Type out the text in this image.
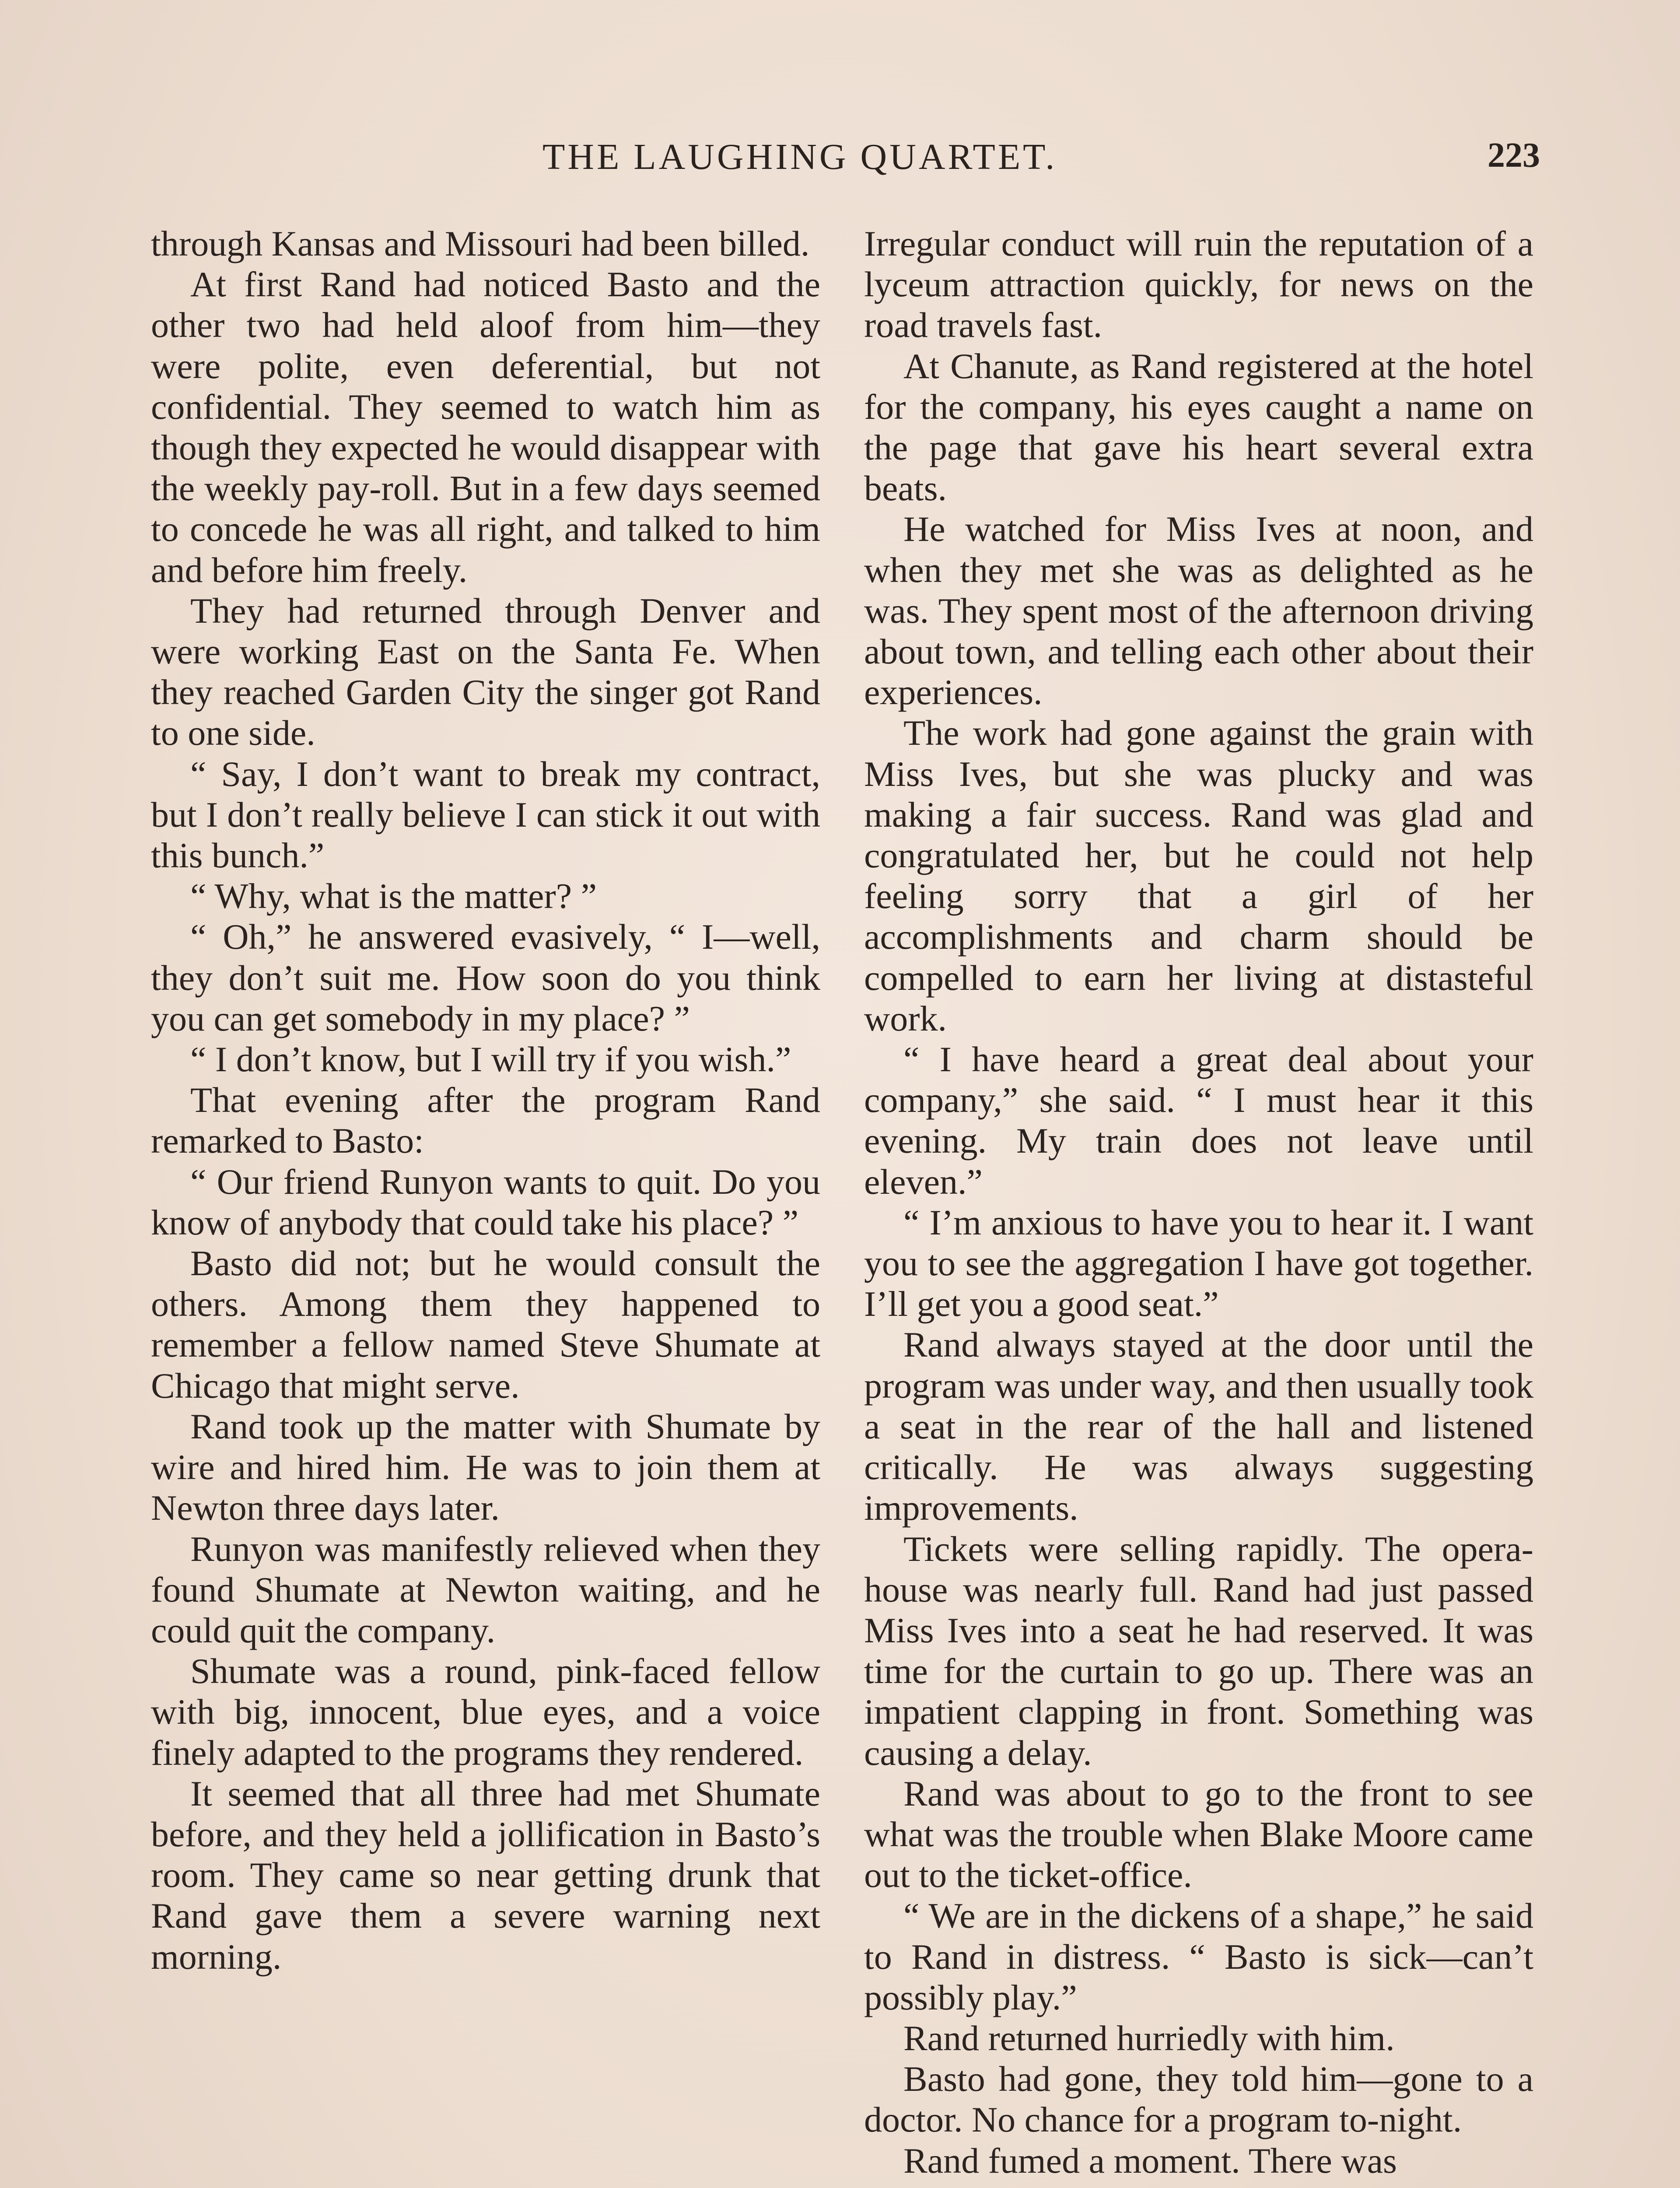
THE LAUGHING QUARTET.	223

through Kansas and Missouri had been billed.

At first Rand had noticed Basto and the other two had held aloof from him—they were polite, even deferential, but not confidential. They seemed to watch him as though they expected he would disappear with the weekly pay-roll. But in a few days seemed to concede he was all right, and talked to him and before him freely.

They had returned through Denver and were working East on the Santa Fe. When they reached Garden City the singer got Rand to one side.

“ Say, I don’t want to break my contract, but I don’t really believe I can stick it out with this bunch.”

“ Why, what is the matter? ”

“ Oh,” he answered evasively, “ I—well, they don’t suit me. How soon do you think you can get somebody in my place? ”

“ I don’t know, but I will try if you wish.”

That evening after the program Rand remarked to Basto:

“ Our friend Runyon wants to quit. Do you know of anybody that could take his place? ”

Basto did not; but he would consult the others. Among them they happened to remember a fellow named Steve Shumate at Chicago that might serve.

Rand took up the matter with Shumate by wire and hired him. He was to join them at Newton three days later.

Runyon was manifestly relieved when they found Shumate at Newton waiting, and he could quit the company.

Shumate was a round, pink-faced fellow with big, innocent, blue eyes, and a voice finely adapted to the programs they rendered.

It seemed that all three had met Shumate before, and they held a jollification in Basto’s room. They came so near getting drunk that Rand gave them a severe warning next morning.

Irregular conduct will ruin the reputation of a lyceum attraction quickly, for news on the road travels fast.

At Chanute, as Rand registered at the hotel for the company, his eyes caught a name on the page that gave his heart several extra beats.

He watched for Miss Ives at noon, and when they met she was as delighted as he was. They spent most of the afternoon driving about town, and telling each other about their experiences.

The work had gone against the grain with Miss Ives, but she was plucky and was making a fair success. Rand was glad and congratulated her, but he could not help feeling sorry that a girl of her accomplishments and charm should be compelled to earn her living at distasteful work.

“ I have heard a great deal about your company,” she said. “ I must hear it this evening. My train does not leave until eleven.”

“ I’m anxious to have you to hear it. I want you to see the aggregation I have got together. I’ll get you a good seat.”

Rand always stayed at the door until the program was under way, and then usually took a seat in the rear of the hall and listened critically. He was always suggesting improvements.

Tickets were selling rapidly. The opera-house was nearly full. Rand had just passed Miss Ives into a seat he had reserved. It was time for the curtain to go up. There was an impatient clapping in front. Something was causing a delay.

Rand was about to go to the front to see what was the trouble when Blake Moore came out to the ticket-office.

“ We are in the dickens of a shape,” he said to Rand in distress. “ Basto is sick—can’t possibly play.”

Rand returned hurriedly with him.

Basto had gone, they told him—gone to a doctor. No chance for a program to-night.

Rand fumed a moment. There was
